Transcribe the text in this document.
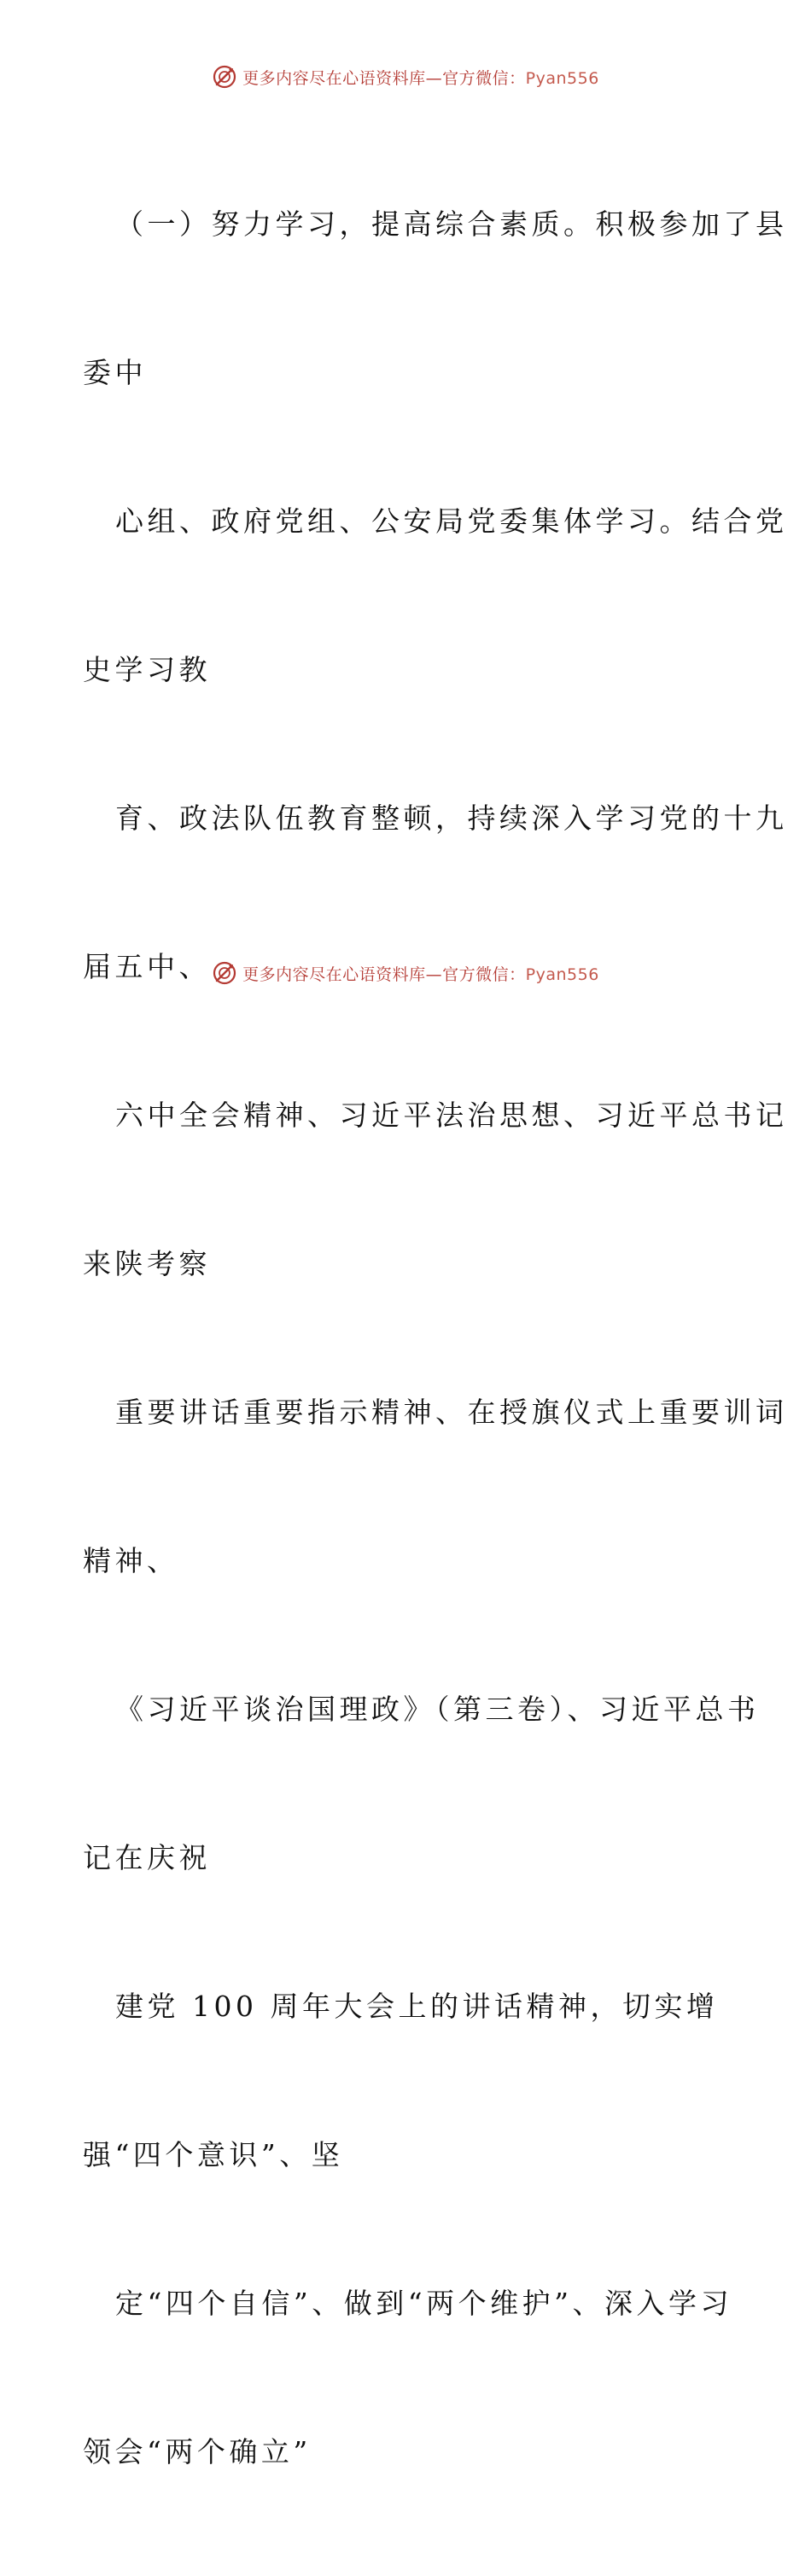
更多内容尽在心语资料库—官方微信：Pyan556

（一）努力学习，提高综合素质。积极参加了县

委中

心组、政府党组、公安局党委集体学习。结合党

史学习教

育、政法队伍教育整顿，持续深入学习党的十九

届五中、

六中全会精神、习近平法治思想、习近平总书记

来陕考察

重要讲话重要指示精神、在授旗仪式上重要训词

精神、

《习近平谈治国理政》（第三卷）、习近平总书

记在庆祝

建党 100 周年大会上的讲话精神，切实增

强“四个意识”、坚

定“四个自信”、做到“两个维护”、深入学习

领会“两个确立”

更多内容尽在心语资料库—官方微信：Pyan556
